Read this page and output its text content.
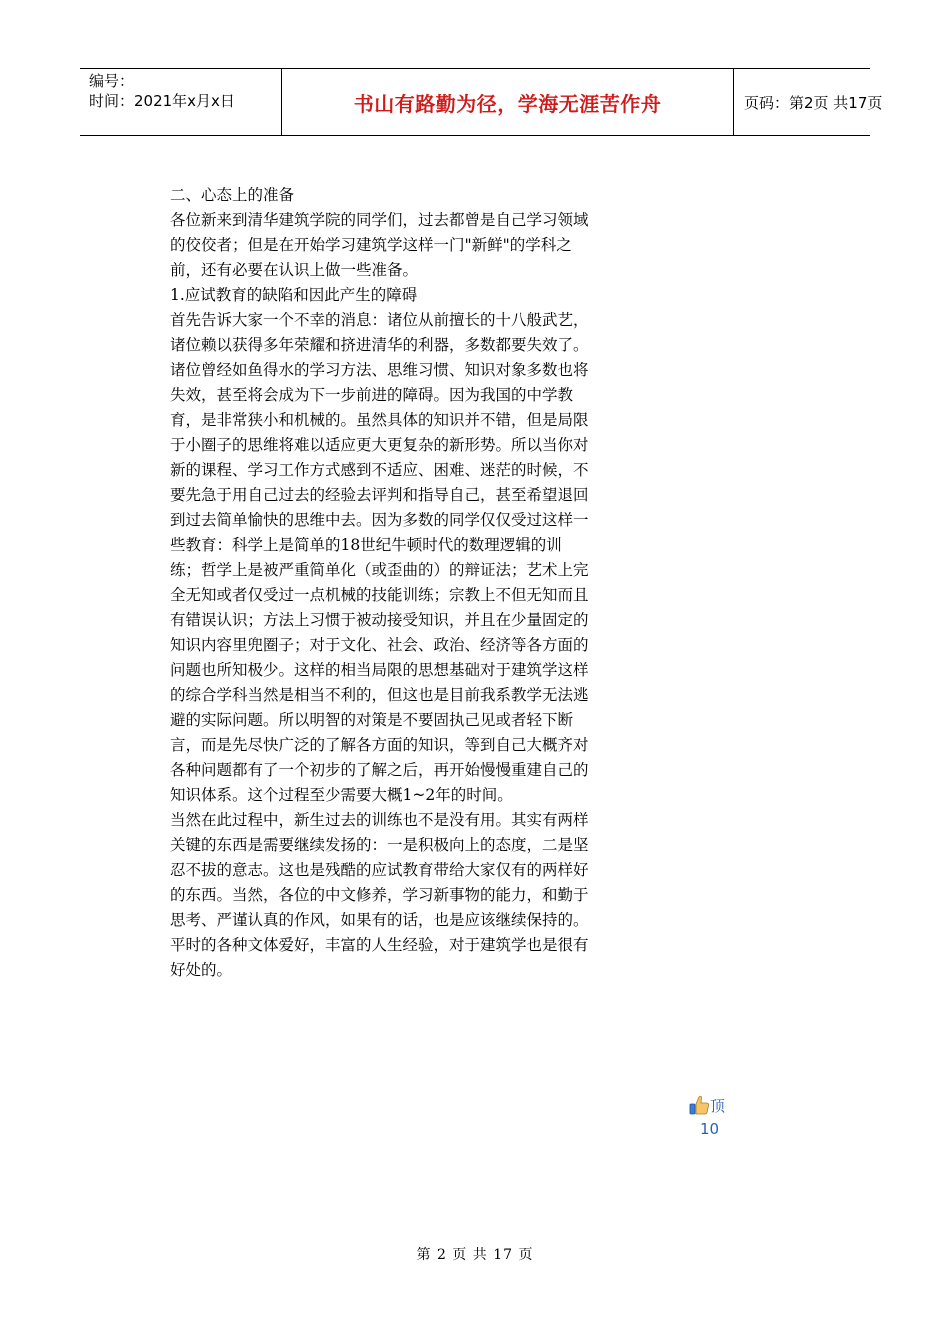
编号：
时间：2021年x月x日	书山有路勤为径，学海无涯苦作舟	页码：第2页 共17页

二、心态上的准备

各位新来到清华建筑学院的同学们，过去都曾是自己学习领域的佼佼者；但是在开始学习建筑学这样一门"新鲜"的学科之前，还有必要在认识上做一些准备。

1.应试教育的缺陷和因此产生的障碍

首先告诉大家一个不幸的消息：诸位从前擅长的十八般武艺，诸位赖以获得多年荣耀和挤进清华的利器，多数都要失效了。诸位曾经如鱼得水的学习方法、思维习惯、知识对象多数也将失效，甚至将会成为下一步前进的障碍。因为我国的中学教育，是非常狭小和机械的。虽然具体的知识并不错，但是局限于小圈子的思维将难以适应更大更复杂的新形势。所以当你对新的课程、学习工作方式感到不适应、困难、迷茫的时候，不要先急于用自己过去的经验去评判和指导自己，甚至希望退回到过去简单愉快的思维中去。因为多数的同学仅仅受过这样一些教育：科学上是简单的18世纪牛顿时代的数理逻辑的训练；哲学上是被严重简单化（或歪曲的）的辩证法；艺术上完全无知或者仅受过一点机械的技能训练；宗教上不但无知而且有错误认识；方法上习惯于被动接受知识，并且在少量固定的知识内容里兜圈子；对于文化、社会、政治、经济等各方面的问题也所知极少。这样的相当局限的思想基础对于建筑学这样的综合学科当然是相当不利的，但这也是目前我系教学无法逃避的实际问题。所以明智的对策是不要固执己见或者轻下断言，而是先尽快广泛的了解各方面的知识，等到自己大概齐对各种问题都有了一个初步的了解之后，再开始慢慢重建自己的知识体系。这个过程至少需要大概1~2年的时间。

当然在此过程中，新生过去的训练也不是没有用。其实有两样关键的东西是需要继续发扬的：一是积极向上的态度，二是坚忍不拔的意志。这也是残酷的应试教育带给大家仅有的两样好的东西。当然，各位的中文修养，学习新事物的能力，和勤于思考、严谨认真的作风，如果有的话，也是应该继续保持的。平时的各种文体爱好，丰富的人生经验，对于建筑学也是很有好处的。

顶
10
第 2 页 共 17 页
